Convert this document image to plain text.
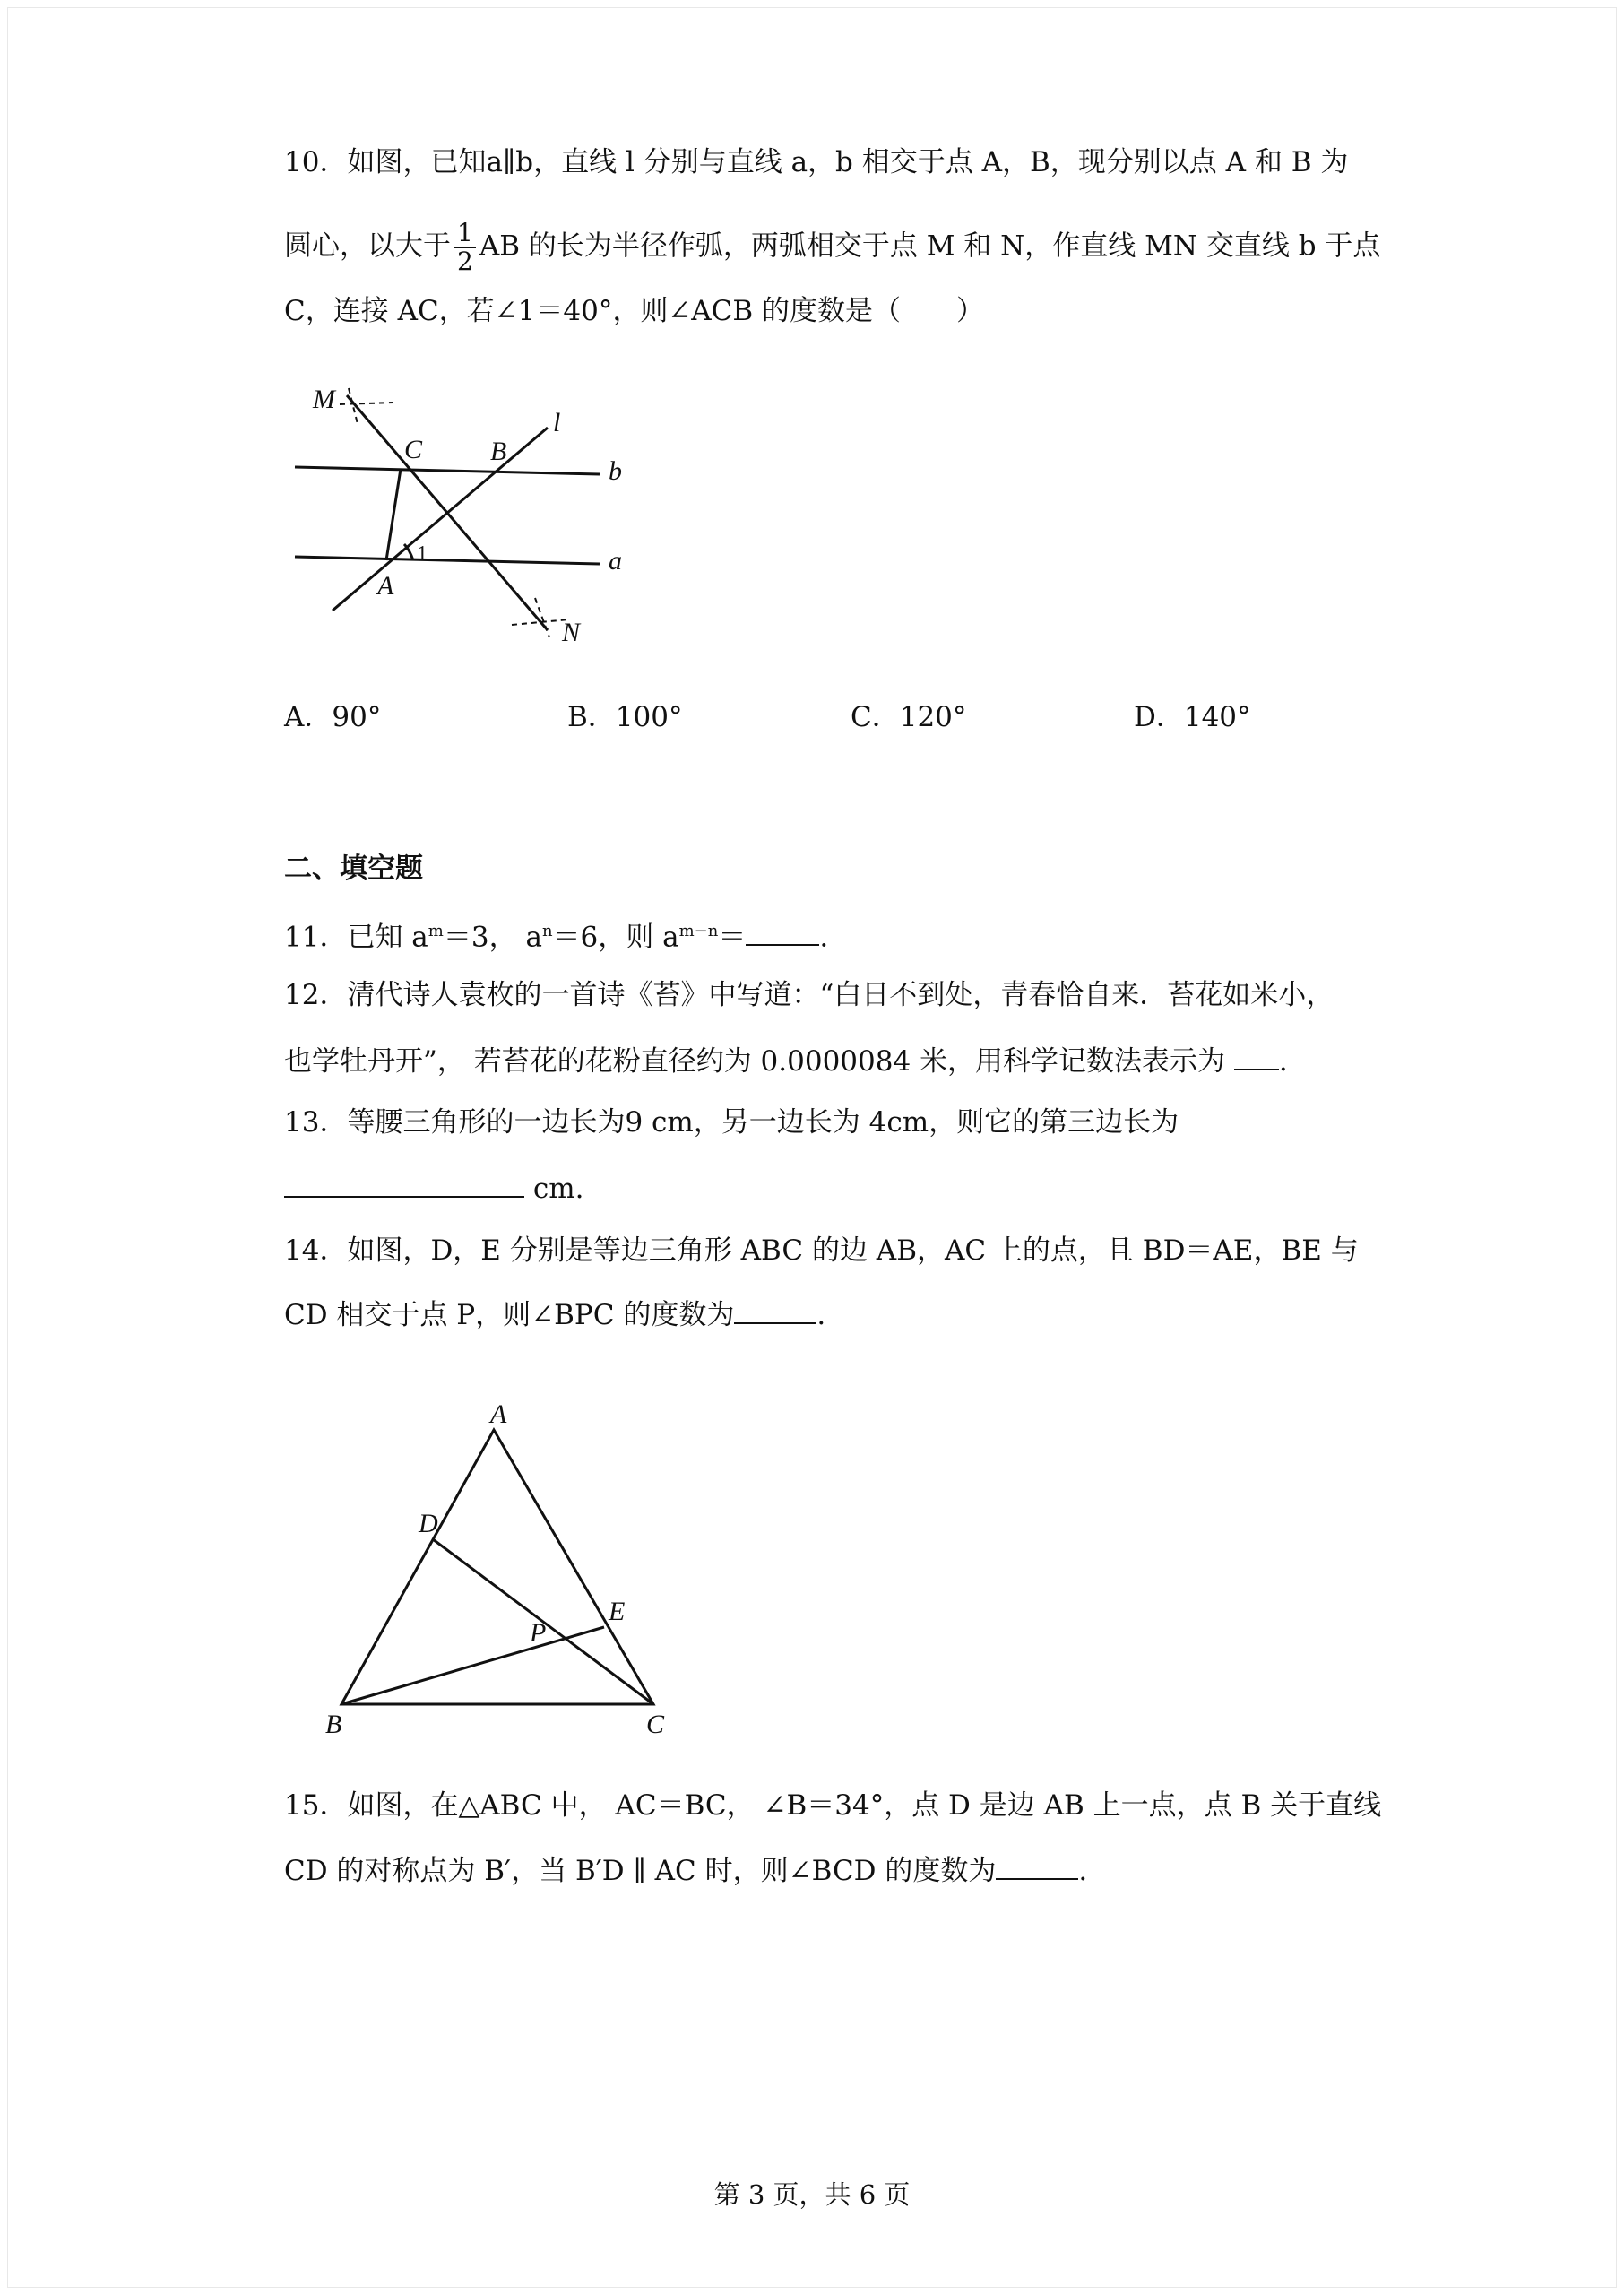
10．如图，已知a∥b，直线 l 分别与直线 a，b 相交于点 A，B，现分别以点 A 和 B 为
圆心，以大于 $\frac{1}{2}$ AB 的长为半径作弧，两弧相交于点 M 和 N，作直线 MN 交直线 b 于点
C，连接 AC，若∠1＝40°，则∠ACB 的度数是（　　）
M
C	B
l
b
1	a
A
N
A．90°	B．100°	C．120°	D．140°
二、填空题
11．已知 $a^m=3$， $a^n=6$，则 $a^{m-n}=$	.
12．清代诗人袁枚的一首诗《苔》中写道：“白日不到处，青春恰自来．苔花如米小，
也学牡丹开”， 若苔花的花粉直径约为 0.0000084 米，用科学记数法表示为 .
13．等腰三角形的一边长为9 cm，另一边长为 4cm，则它的第三边长为
cm.
14．如图，D，E 分别是等边三角形 ABC 的边 AB，AC 上的点，且 BD＝AE，BE 与
CD 相交于点 P，则∠BPC 的度数为	.
A
D
E
P
B	C
15．如图，在△ABC 中， AC＝BC， ∠B＝34°，点 D 是边 AB 上一点，点 B 关于直线
CD 的对称点为 B′，当 B′D ∥ AC 时，则∠BCD 的度数为	.
第 3 页，共 6 页
